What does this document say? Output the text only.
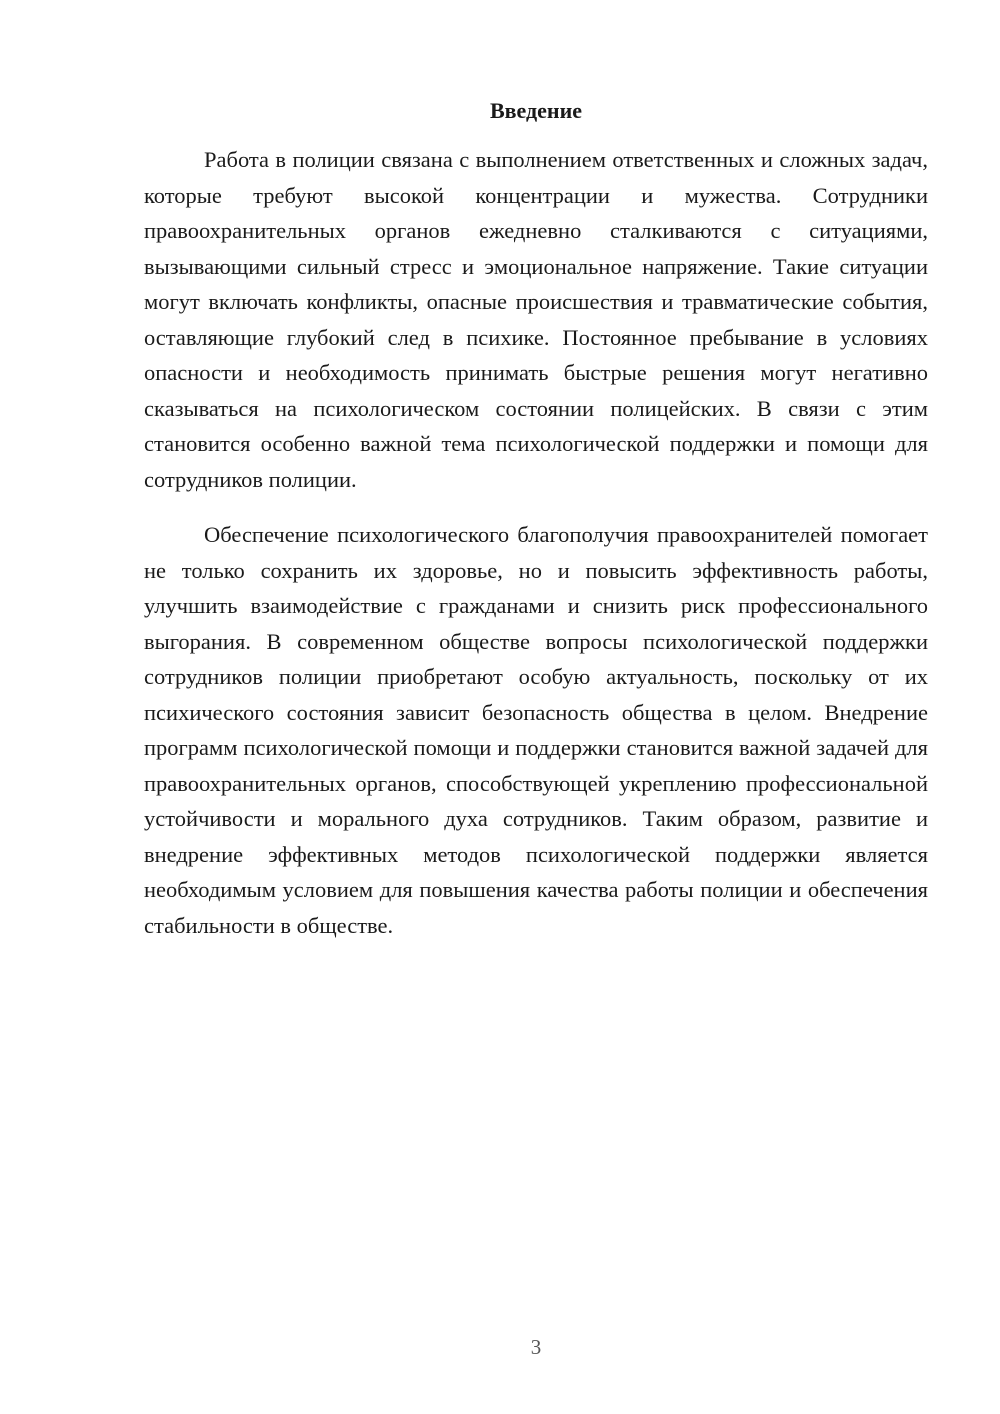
Введение

Работа в полиции связана с выполнением ответственных и сложных задач, которые требуют высокой концентрации и мужества. Сотрудники правоохранительных органов ежедневно сталкиваются с ситуациями, вызывающими сильный стресс и эмоциональное напряжение. Такие ситуации могут включать конфликты, опасные происшествия и травматические события, оставляющие глубокий след в психике. Постоянное пребывание в условиях опасности и необходимость принимать быстрые решения могут негативно сказываться на психологическом состоянии полицейских. В связи с этим становится особенно важной тема психологической поддержки и помощи для сотрудников полиции.

Обеспечение психологического благополучия правоохранителей помогает не только сохранить их здоровье, но и повысить эффективность работы, улучшить взаимодействие с гражданами и снизить риск профессионального выгорания. В современном обществе вопросы психологической поддержки сотрудников полиции приобретают особую актуальность, поскольку от их психического состояния зависит безопасность общества в целом. Внедрение программ психологической помощи и поддержки становится важной задачей для правоохранительных органов, способствующей укреплению профессиональной устойчивости и морального духа сотрудников. Таким образом, развитие и внедрение эффективных методов психологической поддержки является необходимым условием для повышения качества работы полиции и обеспечения стабильности в обществе.

3
